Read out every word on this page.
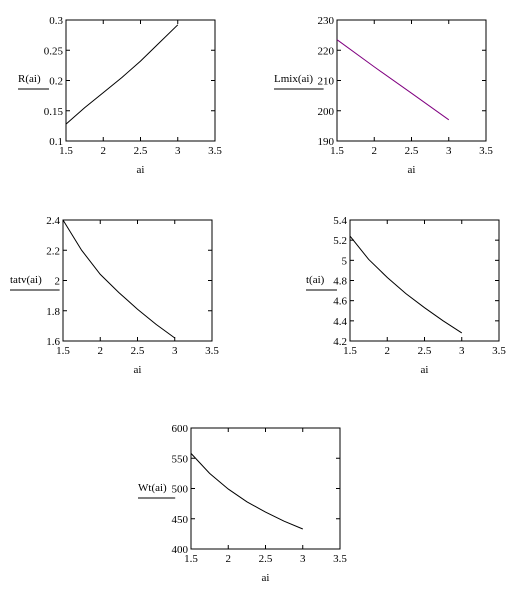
1.5	2	2.5	3	3.5
0.1
0.15
0.2
0.25
0.3
R(ai)
ai
1.5	2	2.5	3	3.5
190
200
210
220
230
Lmix(ai)
ai
1.5	2	2.5	3	3.5
1.6
1.8
2
2.2
2.4
tatv(ai)
ai
1.5	2	2.5	3	3.5
4.2
4.4
4.6
4.8
5
5.2
5.4
t(ai)
ai
1.5	2	2.5	3	3.5
400
450
500
550
600
Wt(ai)
ai
